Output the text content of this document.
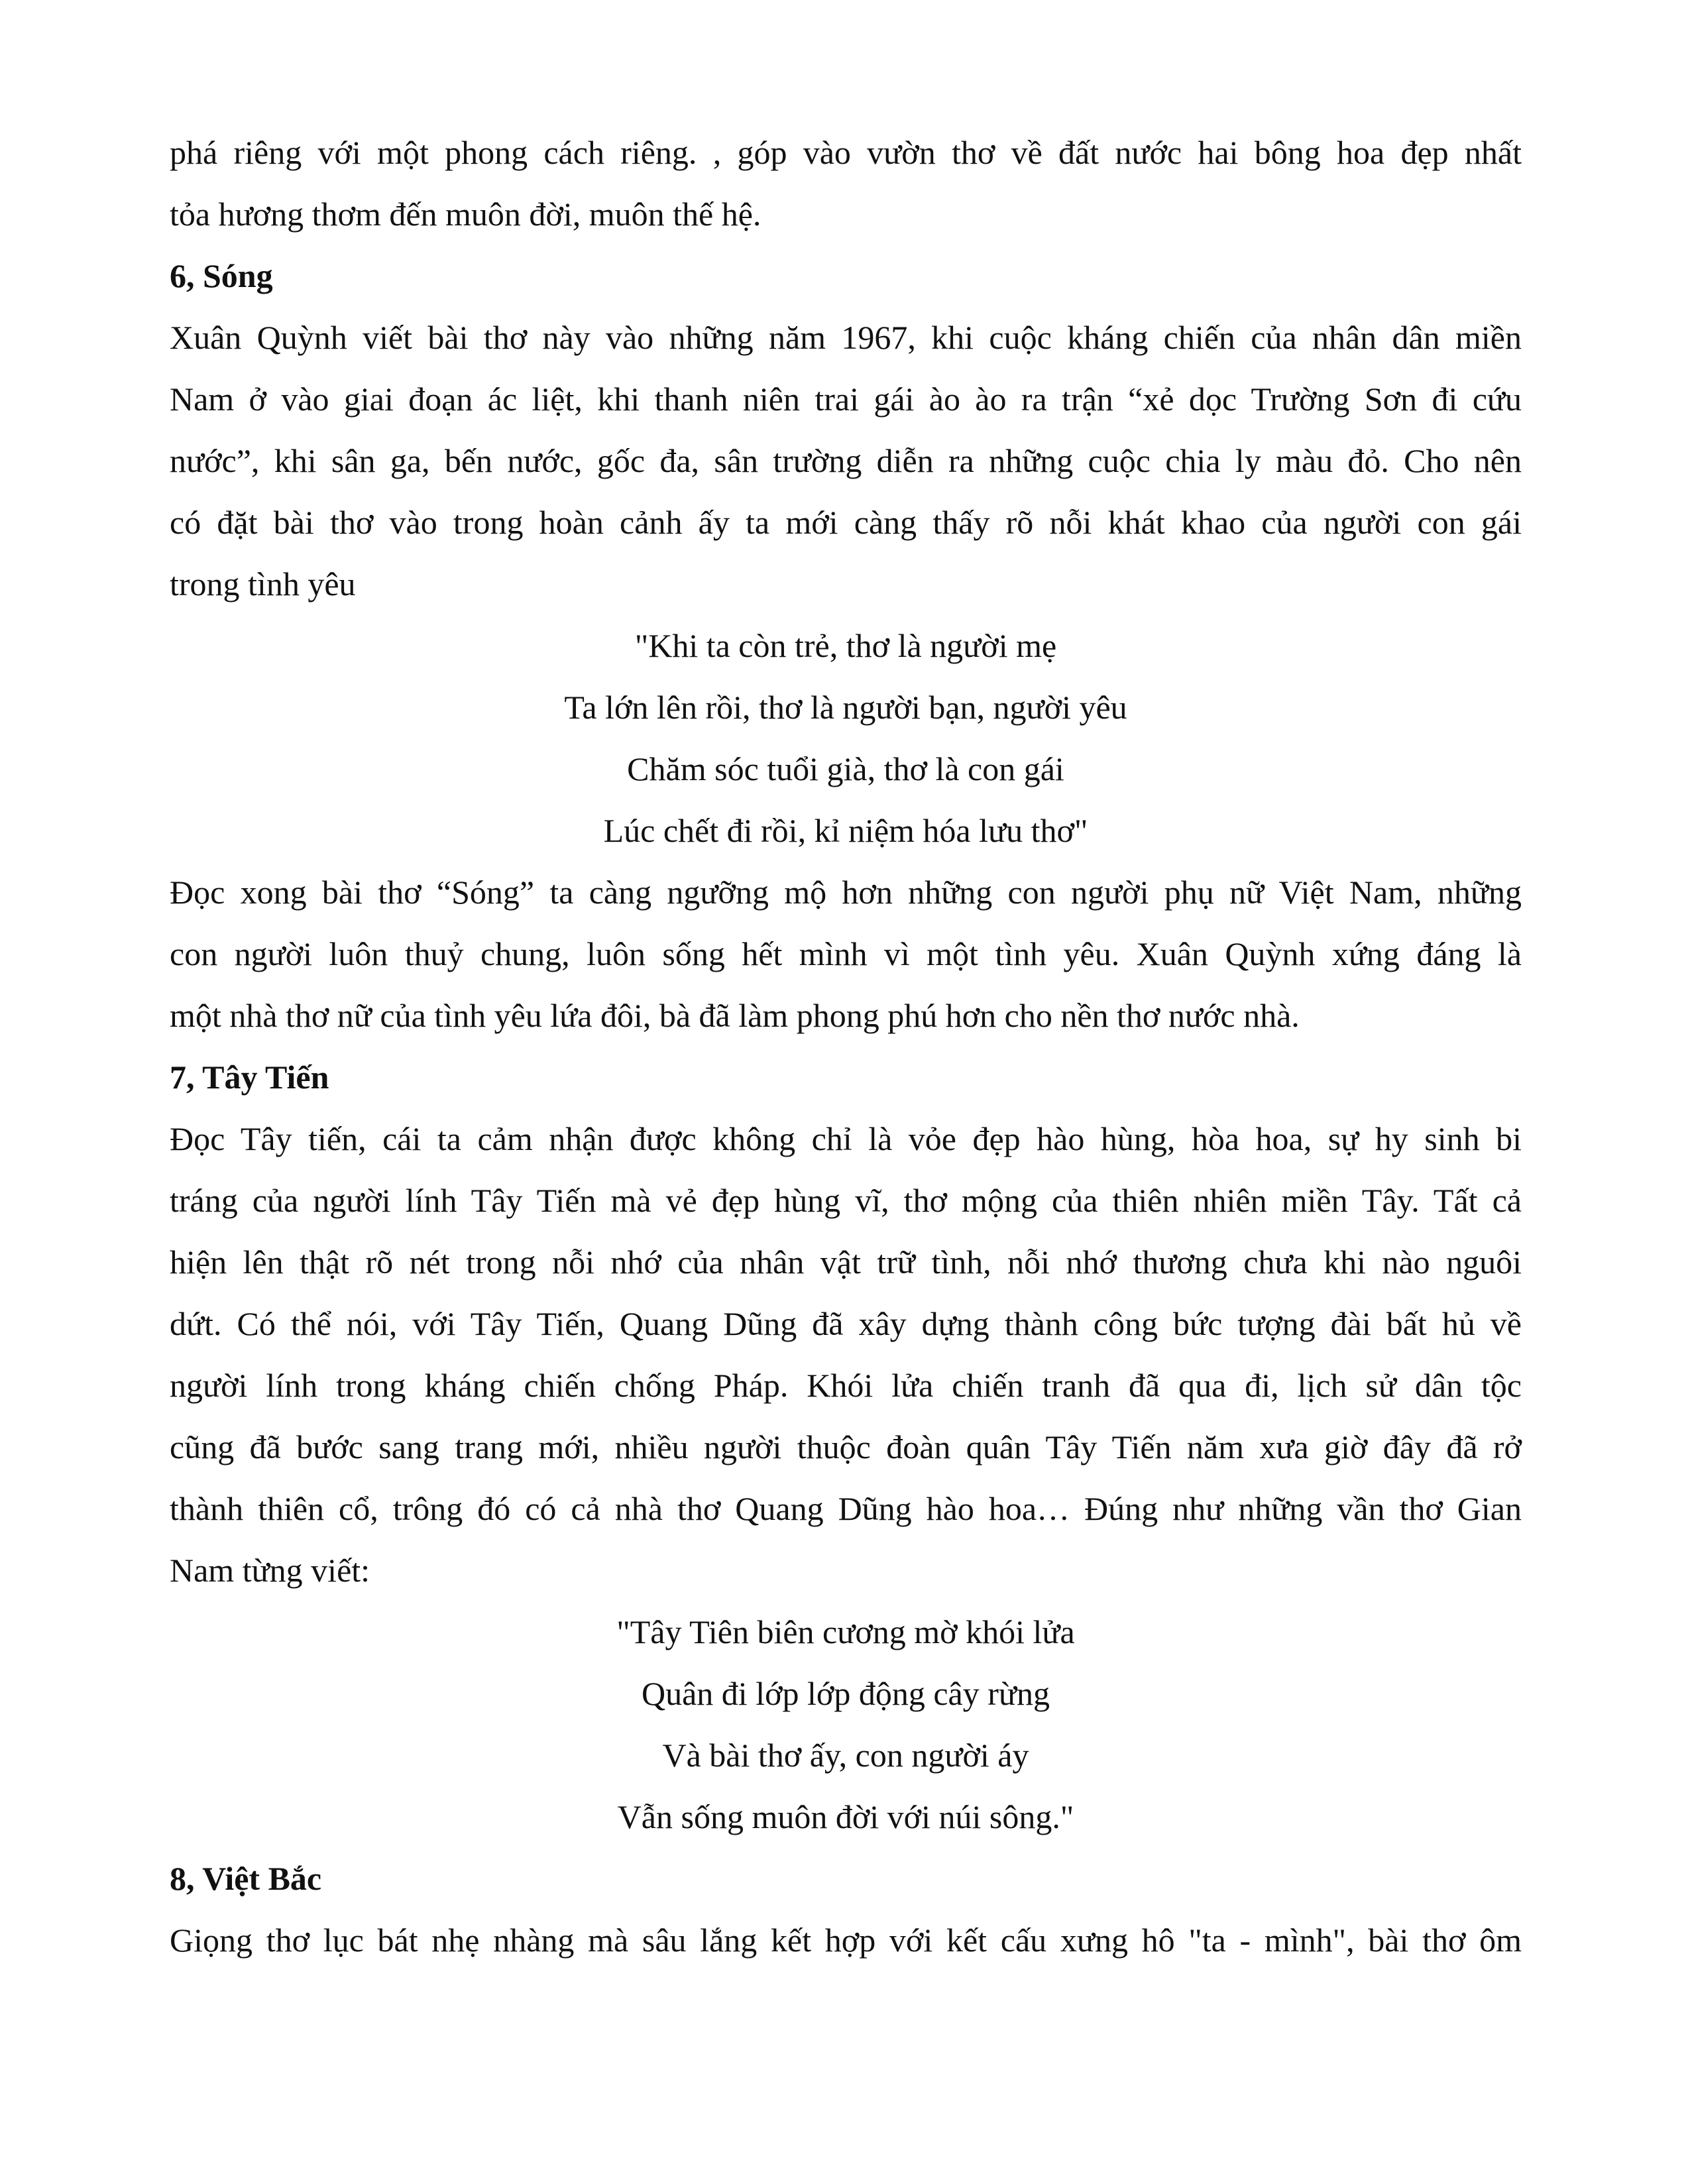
phá riêng với một phong cách riêng. , góp vào vườn thơ về đất nước hai bông hoa đẹp nhất
tỏa hương thơm đến muôn đời, muôn thế hệ.
6, Sóng
Xuân Quỳnh viết bài thơ này vào những năm 1967, khi cuộc kháng chiến của nhân dân miền
Nam ở vào giai đoạn ác liệt, khi thanh niên trai gái ào ào ra trận “xẻ dọc Trường Sơn đi cứu
nước”, khi sân ga, bến nước, gốc đa, sân trường diễn ra những cuộc chia ly màu đỏ. Cho nên
có đặt bài thơ vào trong hoàn cảnh ấy ta mới càng thấy rõ nỗi khát khao của người con gái
trong tình yêu
"Khi ta còn trẻ, thơ là người mẹ
Ta lớn lên rồi, thơ là người bạn, người yêu
Chăm sóc tuổi già, thơ là con gái
Lúc chết đi rồi, kỉ niệm hóa lưu thơ"
Đọc xong bài thơ “Sóng” ta càng ngưỡng mộ hơn những con người phụ nữ Việt Nam, những
con người luôn thuỷ chung, luôn sống hết mình vì một tình yêu. Xuân Quỳnh xứng đáng là
một nhà thơ nữ của tình yêu lứa đôi, bà đã làm phong phú hơn cho nền thơ nước nhà.
7, Tây Tiến
Đọc Tây tiến, cái ta cảm nhận được không chỉ là vỏe đẹp hào hùng, hòa hoa, sự hy sinh bi
tráng của người lính Tây Tiến mà vẻ đẹp hùng vĩ, thơ mộng của thiên nhiên miền Tây. Tất cả
hiện lên thật rõ nét trong nỗi nhớ của nhân vật trữ tình, nỗi nhớ thương chưa khi nào nguôi
dứt. Có thể nói, với Tây Tiến, Quang Dũng đã xây dựng thành công bức tượng đài bất hủ về
người lính trong kháng chiến chống Pháp. Khói lửa chiến tranh đã qua đi, lịch sử dân tộc
cũng đã bước sang trang mới, nhiều người thuộc đoàn quân Tây Tiến năm xưa giờ đây đã rở
thành thiên cổ, trông đó có cả nhà thơ Quang Dũng hào hoa… Đúng như những vần thơ Gian
Nam từng viết:
"Tây Tiên biên cương mờ khói lửa
Quân đi lớp lớp động cây rừng
Và bài thơ ấy, con người áy
Vẫn sống muôn đời với núi sông."
8, Việt Bắc
Giọng thơ lục bát nhẹ nhàng mà sâu lắng kết hợp với kết cấu xưng hô "ta - mình", bài thơ ôm
